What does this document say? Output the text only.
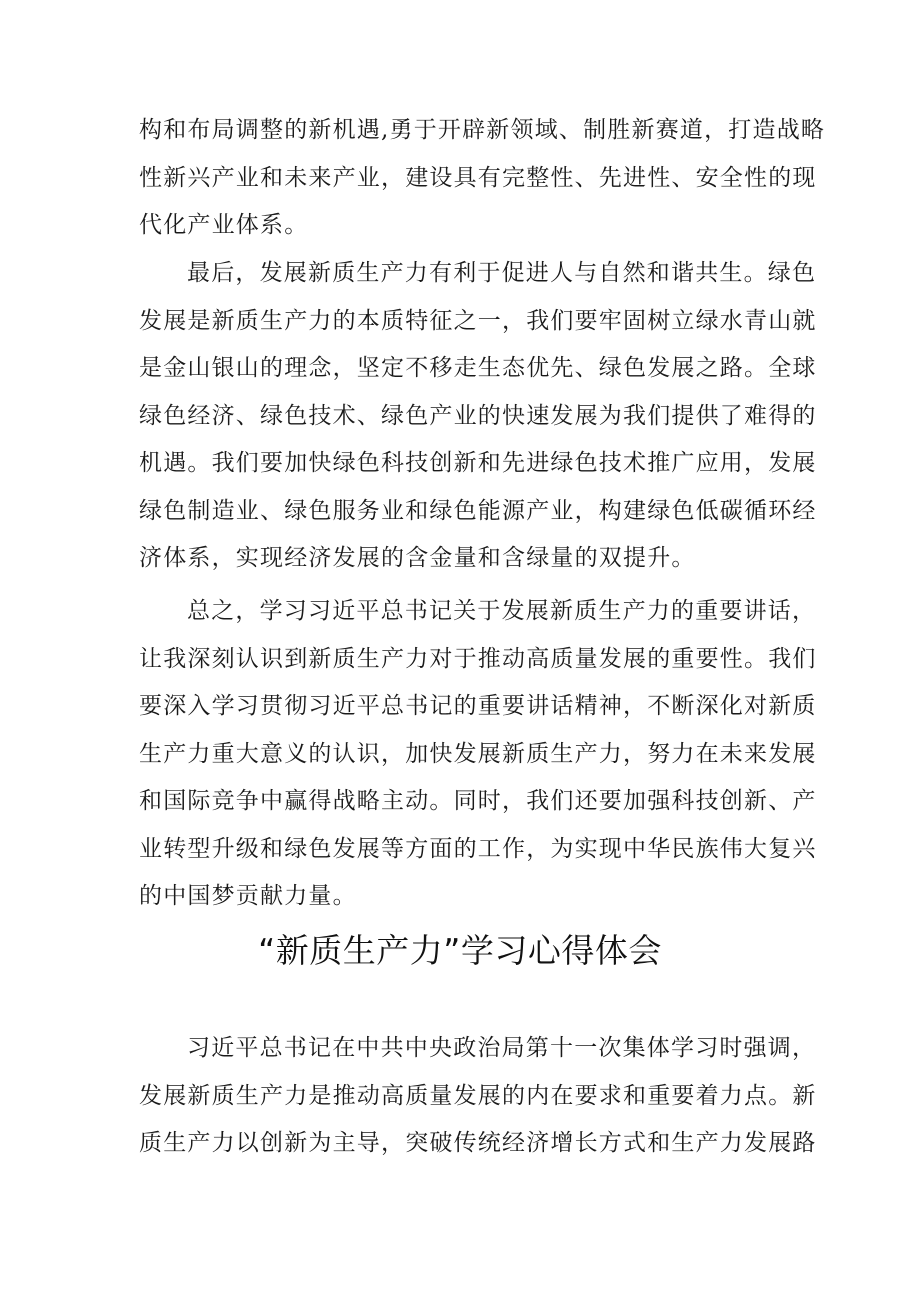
构和布局调整的新机遇,勇于开辟新领域、制胜新赛道，打造战略
性新兴产业和未来产业，建设具有完整性、先进性、安全性的现
代化产业体系。
最后，发展新质生产力有利于促进人与自然和谐共生。绿色
发展是新质生产力的本质特征之一，我们要牢固树立绿水青山就
是金山银山的理念，坚定不移走生态优先、绿色发展之路。全球
绿色经济、绿色技术、绿色产业的快速发展为我们提供了难得的
机遇。我们要加快绿色科技创新和先进绿色技术推广应用，发展
绿色制造业、绿色服务业和绿色能源产业，构建绿色低碳循环经
济体系，实现经济发展的含金量和含绿量的双提升。
总之，学习习近平总书记关于发展新质生产力的重要讲话，
让我深刻认识到新质生产力对于推动高质量发展的重要性。我们
要深入学习贯彻习近平总书记的重要讲话精神，不断深化对新质
生产力重大意义的认识，加快发展新质生产力，努力在未来发展
和国际竞争中赢得战略主动。同时，我们还要加强科技创新、产
业转型升级和绿色发展等方面的工作，为实现中华民族伟大复兴
的中国梦贡献力量。
“新质生产力”学习心得体会
习近平总书记在中共中央政治局第十一次集体学习时强调，
发展新质生产力是推动高质量发展的内在要求和重要着力点。新
质生产力以创新为主导，突破传统经济增长方式和生产力发展路
